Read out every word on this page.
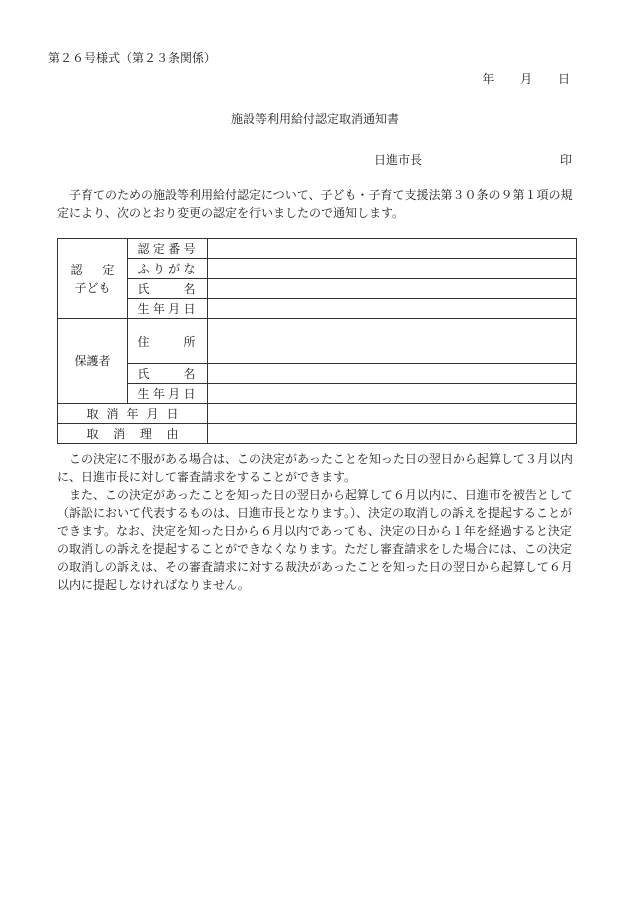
第２６号様式（第２３条関係）
年 月 日
施設等利用給付認定取消通知書
日進市長	印
子育てのための施設等利用給付認定について、子ども・子育て支援法第３０条の９第１項の規定により、次のとおり変更の認定を行いましたので通知します。
認定
子ども	認定番号	
	ふりがな	
	氏名	
	生年月日	
保護者	住所	
	氏名	
	生年月日	
取消年月日		
取消理由		

この決定に不服がある場合は、この決定があったことを知った日の翌日から起算して３月以内に、日進市長に対して審査請求をすることができます。

また、この決定があったことを知った日の翌日から起算して６月以内に、日進市を被告として（訴訟において代表するものは、日進市長となります。）、決定の取消しの訴えを提起することができます。なお、決定を知った日から６月以内であっても、決定の日から１年を経過すると決定の取消しの訴えを提起することができなくなります。ただし審査請求をした場合には、この決定の取消しの訴えは、その審査請求に対する裁決があったことを知った日の翌日から起算して６月以内に提起しなければなりません。
